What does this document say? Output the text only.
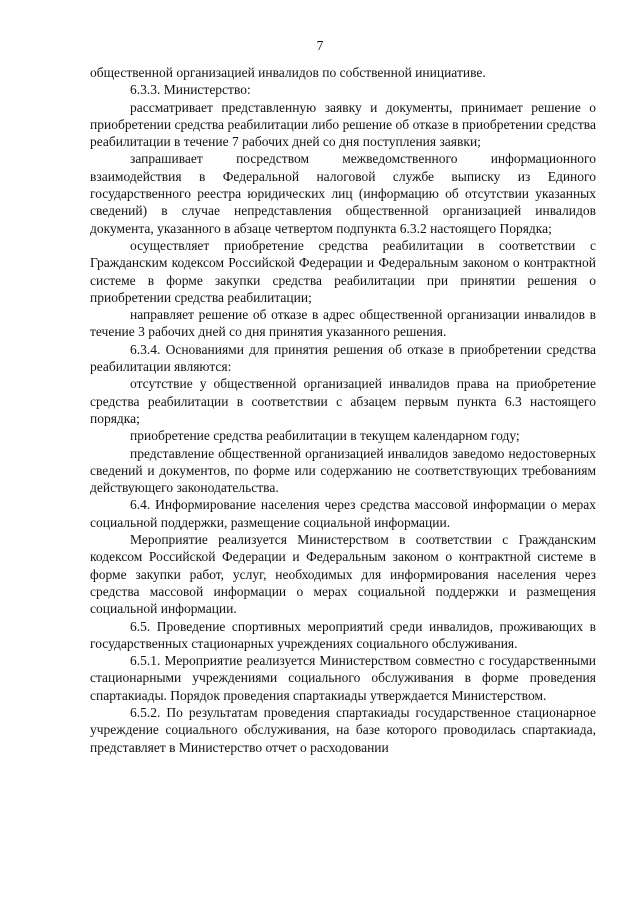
7

общественной организацией инвалидов по собственной инициативе.

6.3.3. Министерство:

рассматривает представленную заявку и документы, принимает решение о приобретении средства реабилитации либо решение об отказе в приобретении средства реабилитации в течение 7 рабочих дней со дня поступления заявки;

запрашивает посредством межведомственного информационного взаимодействия в Федеральной налоговой службе выписку из Единого государственного реестра юридических лиц (информацию об отсутствии указанных сведений) в случае непредставления общественной организацией инвалидов документа, указанного в абзаце четвертом подпункта 6.3.2 настоящего Порядка;

осуществляет приобретение средства реабилитации в соответствии с Гражданским кодексом Российской Федерации и Федеральным законом о контрактной системе в форме закупки средства реабилитации при принятии решения о приобретении средства реабилитации;

направляет решение об отказе в адрес общественной организации инвалидов в течение 3 рабочих дней со дня принятия указанного решения.

6.3.4. Основаниями для принятия решения об отказе в приобретении средства реабилитации являются:

отсутствие у общественной организацией инвалидов права на приобретение средства реабилитации в соответствии с абзацем первым пункта 6.3 настоящего порядка;

приобретение средства реабилитации в текущем календарном году;

представление общественной организацией инвалидов заведомо недостоверных сведений и документов, по форме или содержанию не соответствующих требованиям действующего законодательства.

6.4. Информирование населения через средства массовой информации о мерах социальной поддержки, размещение социальной информации.

Мероприятие реализуется Министерством в соответствии с Гражданским кодексом Российской Федерации и Федеральным законом о контрактной системе в форме закупки работ, услуг, необходимых для информирования населения через средства массовой информации о мерах социальной поддержки и размещения социальной информации.

6.5. Проведение спортивных мероприятий среди инвалидов, проживающих в государственных стационарных учреждениях социального обслуживания.

6.5.1. Мероприятие реализуется Министерством совместно с государственными стационарными учреждениями социального обслуживания в форме проведения спартакиады. Порядок проведения спартакиады утверждается Министерством.

6.5.2. По результатам проведения спартакиады государственное стационарное учреждение социального обслуживания, на базе которого проводилась спартакиада, представляет в Министерство отчет о расходовании
